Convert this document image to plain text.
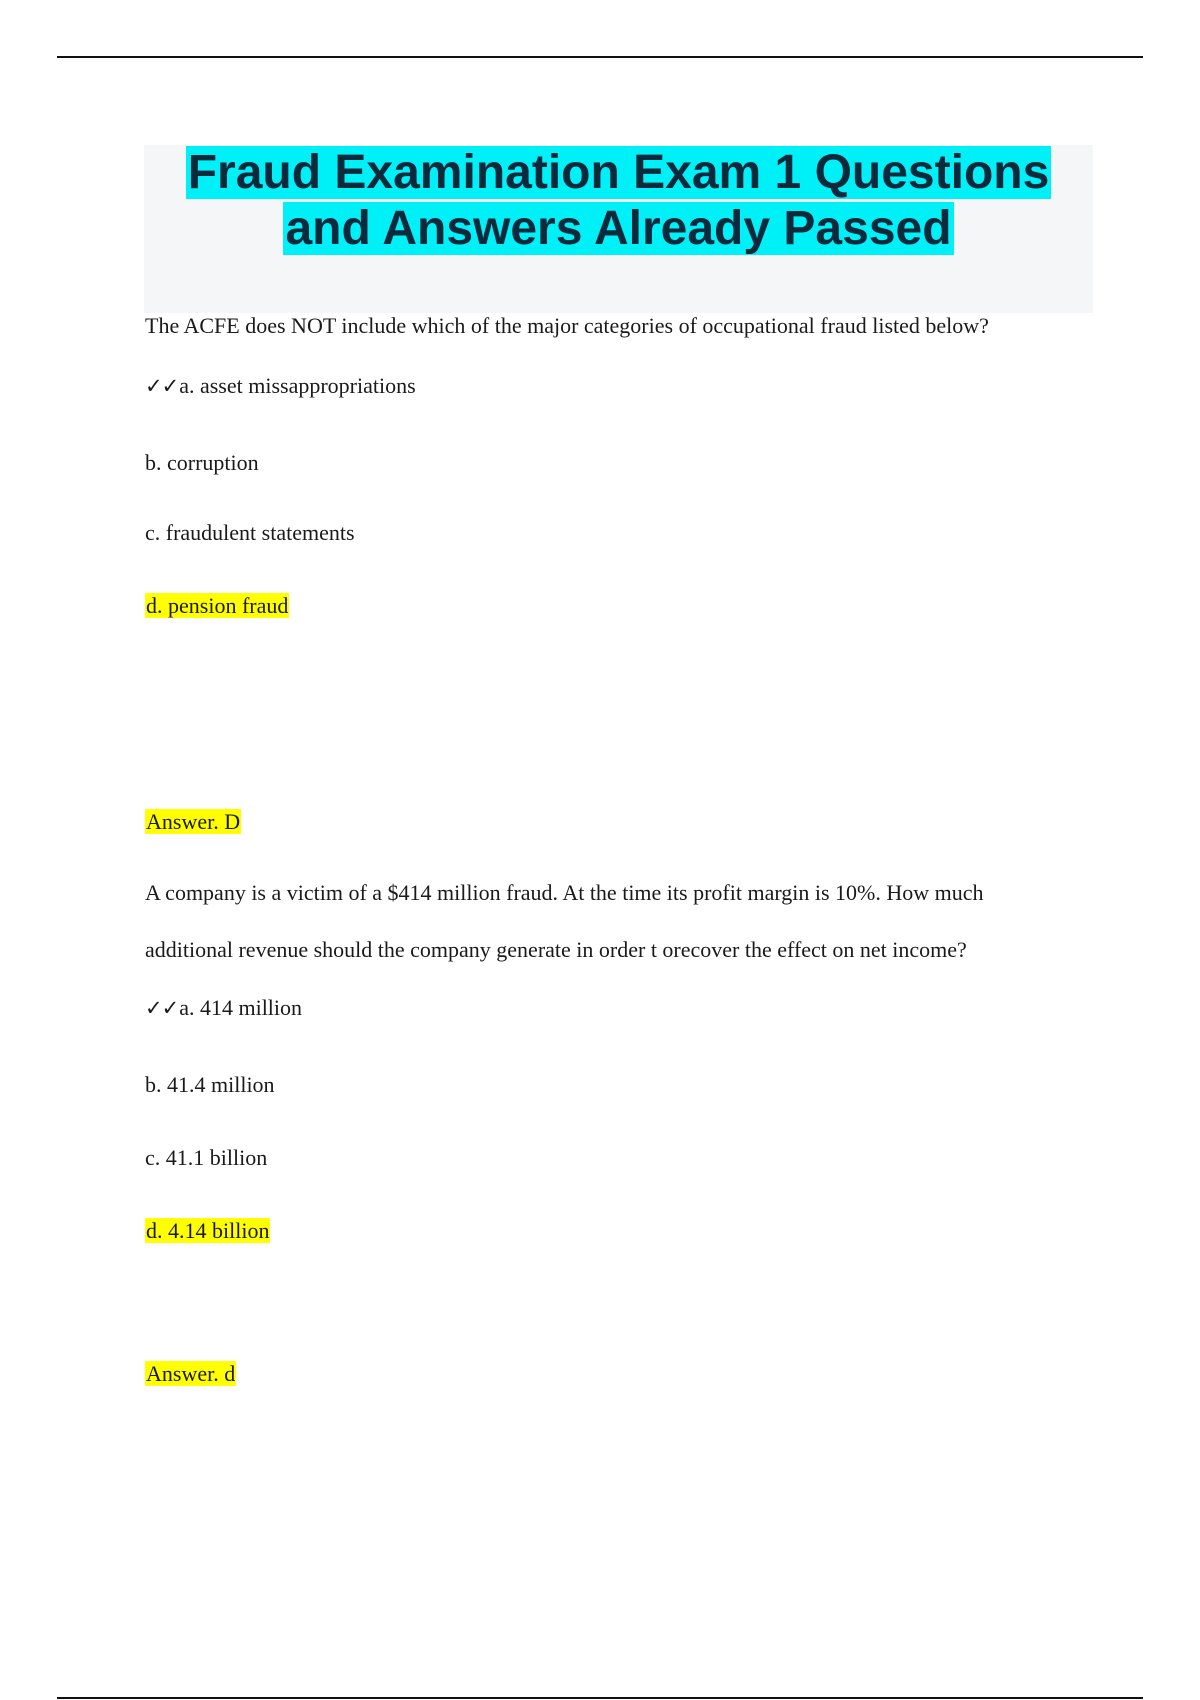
Fraud Examination Exam 1 Questions
and Answers Already Passed

The ACFE does NOT include which of the major categories of occupational fraud listed below?

✓✓a. asset missappropriations

b. corruption

c. fraudulent statements

d. pension fraud

Answer. D

A company is a victim of a $414 million fraud. At the time its profit margin is 10%. How much

additional revenue should the company generate in order t orecover the effect on net income?

✓✓a. 414 million

b. 41.4 million

c. 41.1 billion

d. 4.14 billion

Answer. d
